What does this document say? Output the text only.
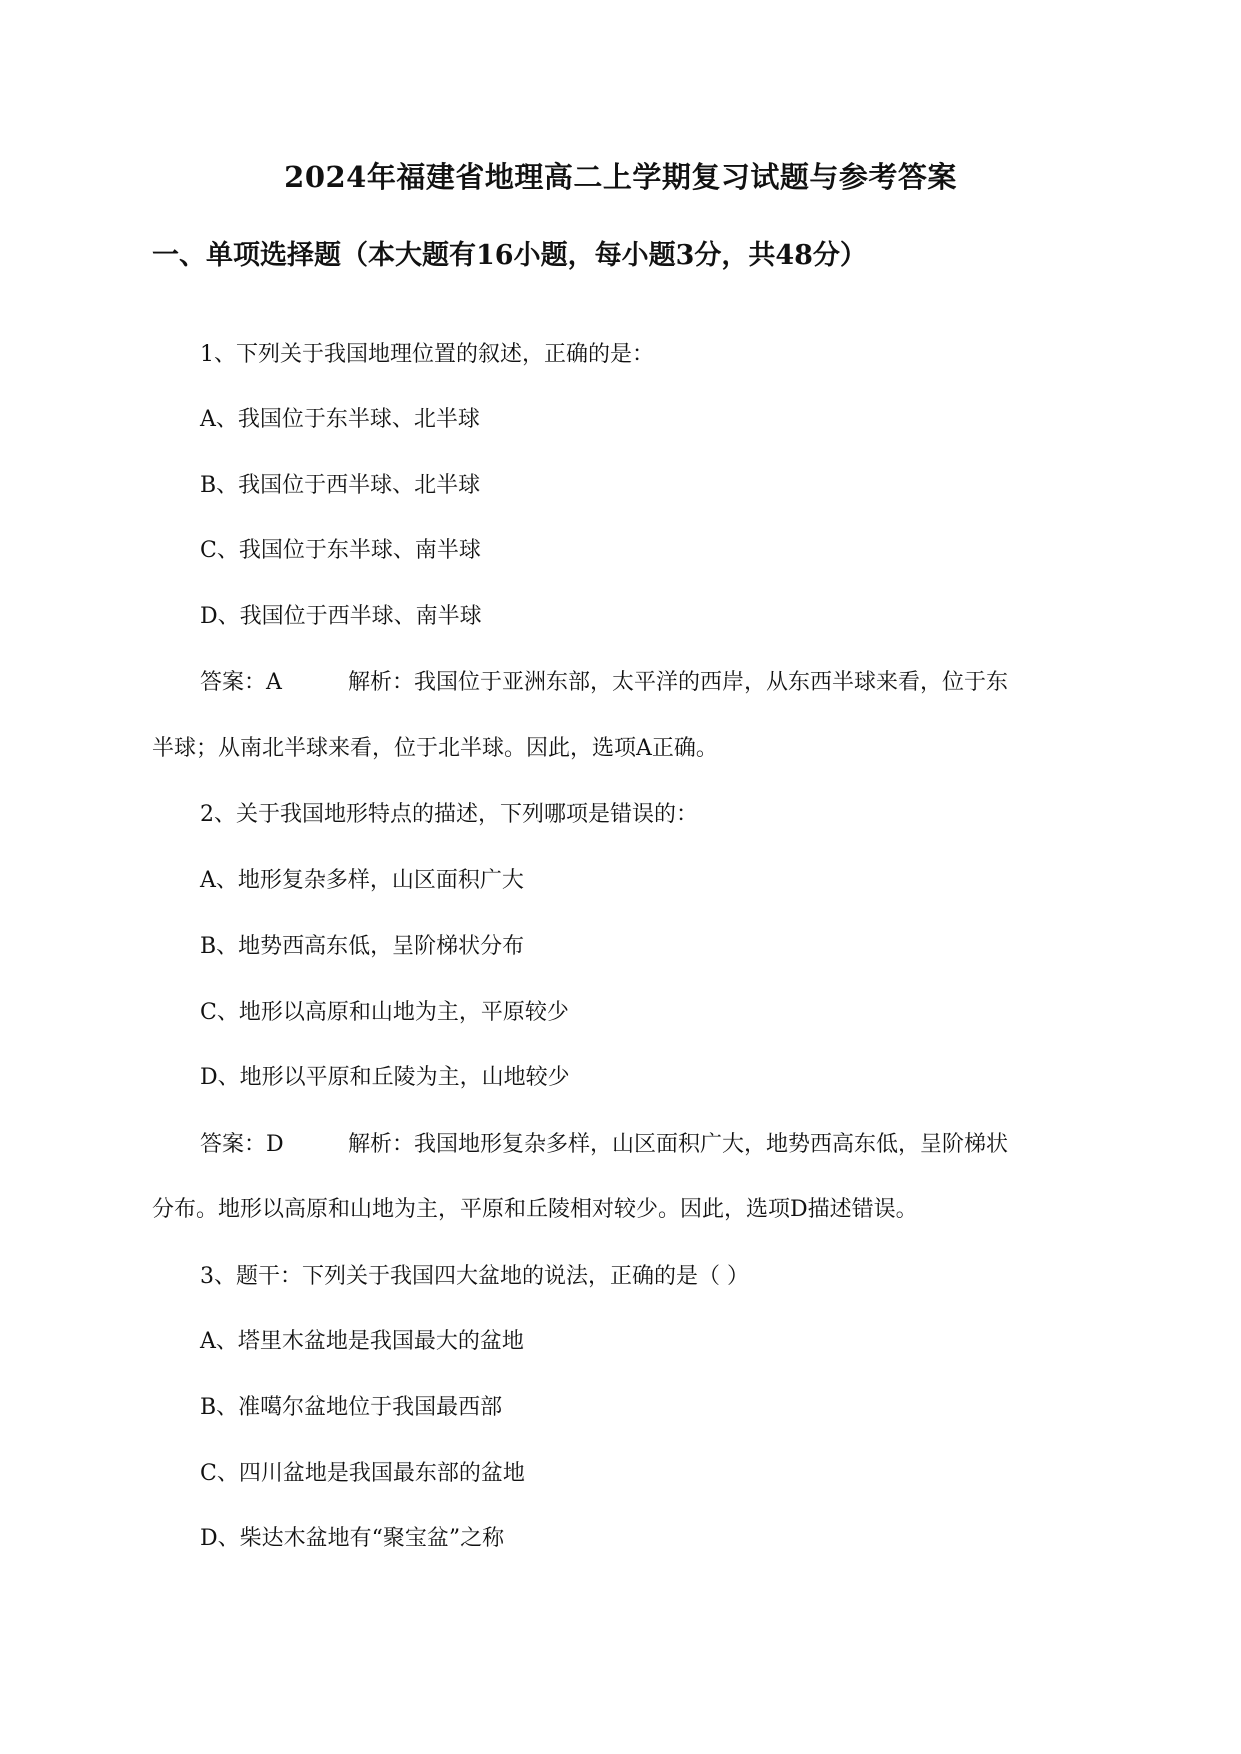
2024年福建省地理高二上学期复习试题与参考答案
一、单项选择题（本大题有16小题，每小题3分，共48分）
1、下列关于我国地理位置的叙述，正确的是：
A、我国位于东半球、北半球
B、我国位于西半球、北半球
C、我国位于东半球、南半球
D、我国位于西半球、南半球
答案：A	解析：我国位于亚洲东部，太平洋的西岸，从东西半球来看，位于东
半球；从南北半球来看，位于北半球。因此，选项A正确。
2、关于我国地形特点的描述，下列哪项是错误的：
A、地形复杂多样，山区面积广大
B、地势西高东低，呈阶梯状分布
C、地形以高原和山地为主，平原较少
D、地形以平原和丘陵为主，山地较少
答案：D	解析：我国地形复杂多样，山区面积广大，地势西高东低，呈阶梯状
分布。地形以高原和山地为主，平原和丘陵相对较少。因此，选项D描述错误。
3、题干：下列关于我国四大盆地的说法，正确的是（ ）
A、塔里木盆地是我国最大的盆地
B、准噶尔盆地位于我国最西部
C、四川盆地是我国最东部的盆地
D、柴达木盆地有“聚宝盆”之称
